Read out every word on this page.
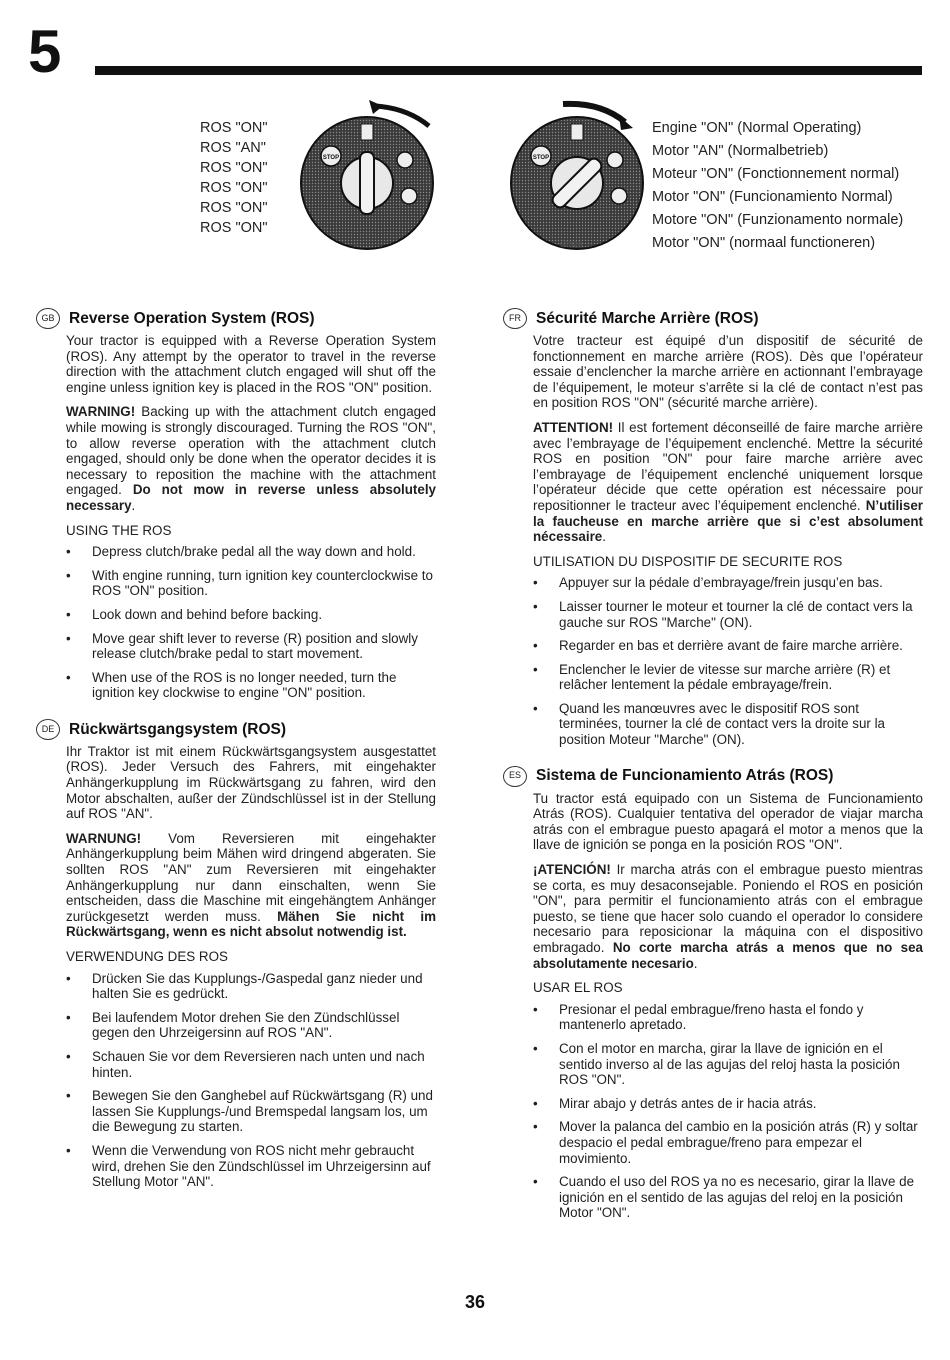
5
ROS "ON"
ROS "AN"
ROS "ON"
ROS "ON"
ROS "ON"
ROS "ON"
STOP	STOP
02828
Engine "ON" (Normal Operating)
Motor "AN" (Normalbetrieb)
Moteur "ON" (Fonctionnement normal)
Motor "ON" (Funcionamiento Normal)
Motore "ON" (Funzionamento normale)
Motor "ON" (normaal functioneren)
GB Reverse Operation System (ROS)

Your tractor is equipped with a Reverse Operation System (ROS). Any attempt by the operator to travel in the reverse direction with the attachment clutch engaged will shut off the engine unless ignition key is placed in the ROS "ON" position.

WARNING! Backing up with the attachment clutch engaged while mowing is strongly discouraged. Turning the ROS "ON", to allow reverse operation with the attachment clutch engaged, should only be done when the operator decides it is necessary to reposition the machine with the attachment engaged. Do not mow in reverse unless absolutely necessary.

USING THE ROS

• Depress clutch/brake pedal all the way down and hold.
• With engine running, turn ignition key counterclockwise to ROS "ON" position.
• Look down and behind before backing.
• Move gear shift lever to reverse (R) position and slowly release clutch/brake pedal to start movement.
• When use of the ROS is no longer needed, turn the ignition key clockwise to engine "ON" position.
DE Rückwärtsgangsystem (ROS)

Ihr Traktor ist mit einem Rückwärtsgangsystem ausgestattet (ROS). Jeder Versuch des Fahrers, mit eingehakter Anhängerkupplung im Rückwärtsgang zu fahren, wird den Motor abschalten, außer der Zündschlüssel ist in der Stellung auf ROS "AN".

WARNUNG! Vom Reversieren mit eingehakter Anhängerkupplung beim Mähen wird dringend abgeraten. Sie sollten ROS "AN" zum Reversieren mit eingehakter Anhängerkupplung nur dann einschalten, wenn Sie entscheiden, dass die Maschine mit eingehängtem Anhänger zurückgesetzt werden muss. Mähen Sie nicht im Rückwärtsgang, wenn es nicht absolut notwendig ist.

VERWENDUNG DES ROS

• Drücken Sie das Kupplungs-/Gaspedal ganz nieder und halten Sie es gedrückt.
• Bei laufendem Motor drehen Sie den Zündschlüssel gegen den Uhrzeigersinn auf ROS "AN".
• Schauen Sie vor dem Reversieren nach unten und nach hinten.
• Bewegen Sie den Ganghebel auf Rückwärtsgang (R) und lassen Sie Kupplungs-/und Bremspedal langsam los, um die Bewegung zu starten.
• Wenn die Verwendung von ROS nicht mehr gebraucht wird, drehen Sie den Zündschlüssel im Uhrzeigersinn auf Stellung Motor "AN".
FR Sécurité Marche Arrière (ROS)

Votre tracteur est équipé d’un dispositif de sécurité de fonctionnement en marche arrière (ROS). Dès que l’opérateur essaie d’enclencher la marche arrière en actionnant l’embrayage de l’équipement, le moteur s’arrête si la clé de contact n’est pas en position ROS "ON" (sécurité marche arrière).

ATTENTION! Il est fortement déconseillé de faire marche arrière avec l’embrayage de l’équipement enclenché. Mettre la sécurité ROS en position "ON" pour faire marche arrière avec l’embrayage de l’équipement enclenché uniquement lorsque l’opérateur décide que cette opération est nécessaire pour repositionner le tracteur avec l’équipement enclenché. N’utiliser la faucheuse en marche arrière que si c’est absolument nécessaire.

UTILISATION DU DISPOSITIF DE SECURITE ROS

• Appuyer sur la pédale d’embrayage/frein jusqu’en bas.
• Laisser tourner le moteur et tourner la clé de contact vers la gauche sur ROS "Marche" (ON).
• Regarder en bas et derrière avant de faire marche arrière.
• Enclencher le levier de vitesse sur marche arrière (R) et relâcher lentement la pédale embrayage/frein.
• Quand les manœuvres avec le dispositif ROS sont terminées, tourner la clé de contact vers la droite sur la position Moteur "Marche" (ON).
ES Sistema de Funcionamiento Atrás (ROS)

Tu tractor está equipado con un Sistema de Funcionamiento Atrás (ROS). Cualquier tentativa del operador de viajar marcha atrás con el embrague puesto apagará el motor a menos que la llave de ignición se ponga en la posición ROS "ON".

¡ATENCIÓN! Ir marcha atrás con el embrague puesto mientras se corta, es muy desaconsejable. Poniendo el ROS en posición "ON", para permitir el funcionamiento atrás con el embrague puesto, se tiene que hacer solo cuando el operador lo considere necesario para reposicionar la máquina con el dispositivo embragado. No corte marcha atrás a menos que no sea absolutamente necesario.

USAR EL ROS

• Presionar el pedal embrague/freno hasta el fondo y mantenerlo apretado.
• Con el motor en marcha, girar la llave de ignición en el sentido inverso al de las agujas del reloj hasta la posición ROS "ON".
• Mirar abajo y detrás antes de ir hacia atrás.
• Mover la palanca del cambio en la posición atrás (R) y soltar despacio el pedal embrague/freno para empezar el movimiento.
• Cuando el uso del ROS ya no es necesario, girar la llave de ignición en el sentido de las agujas del reloj en la posición Motor "ON".
36
